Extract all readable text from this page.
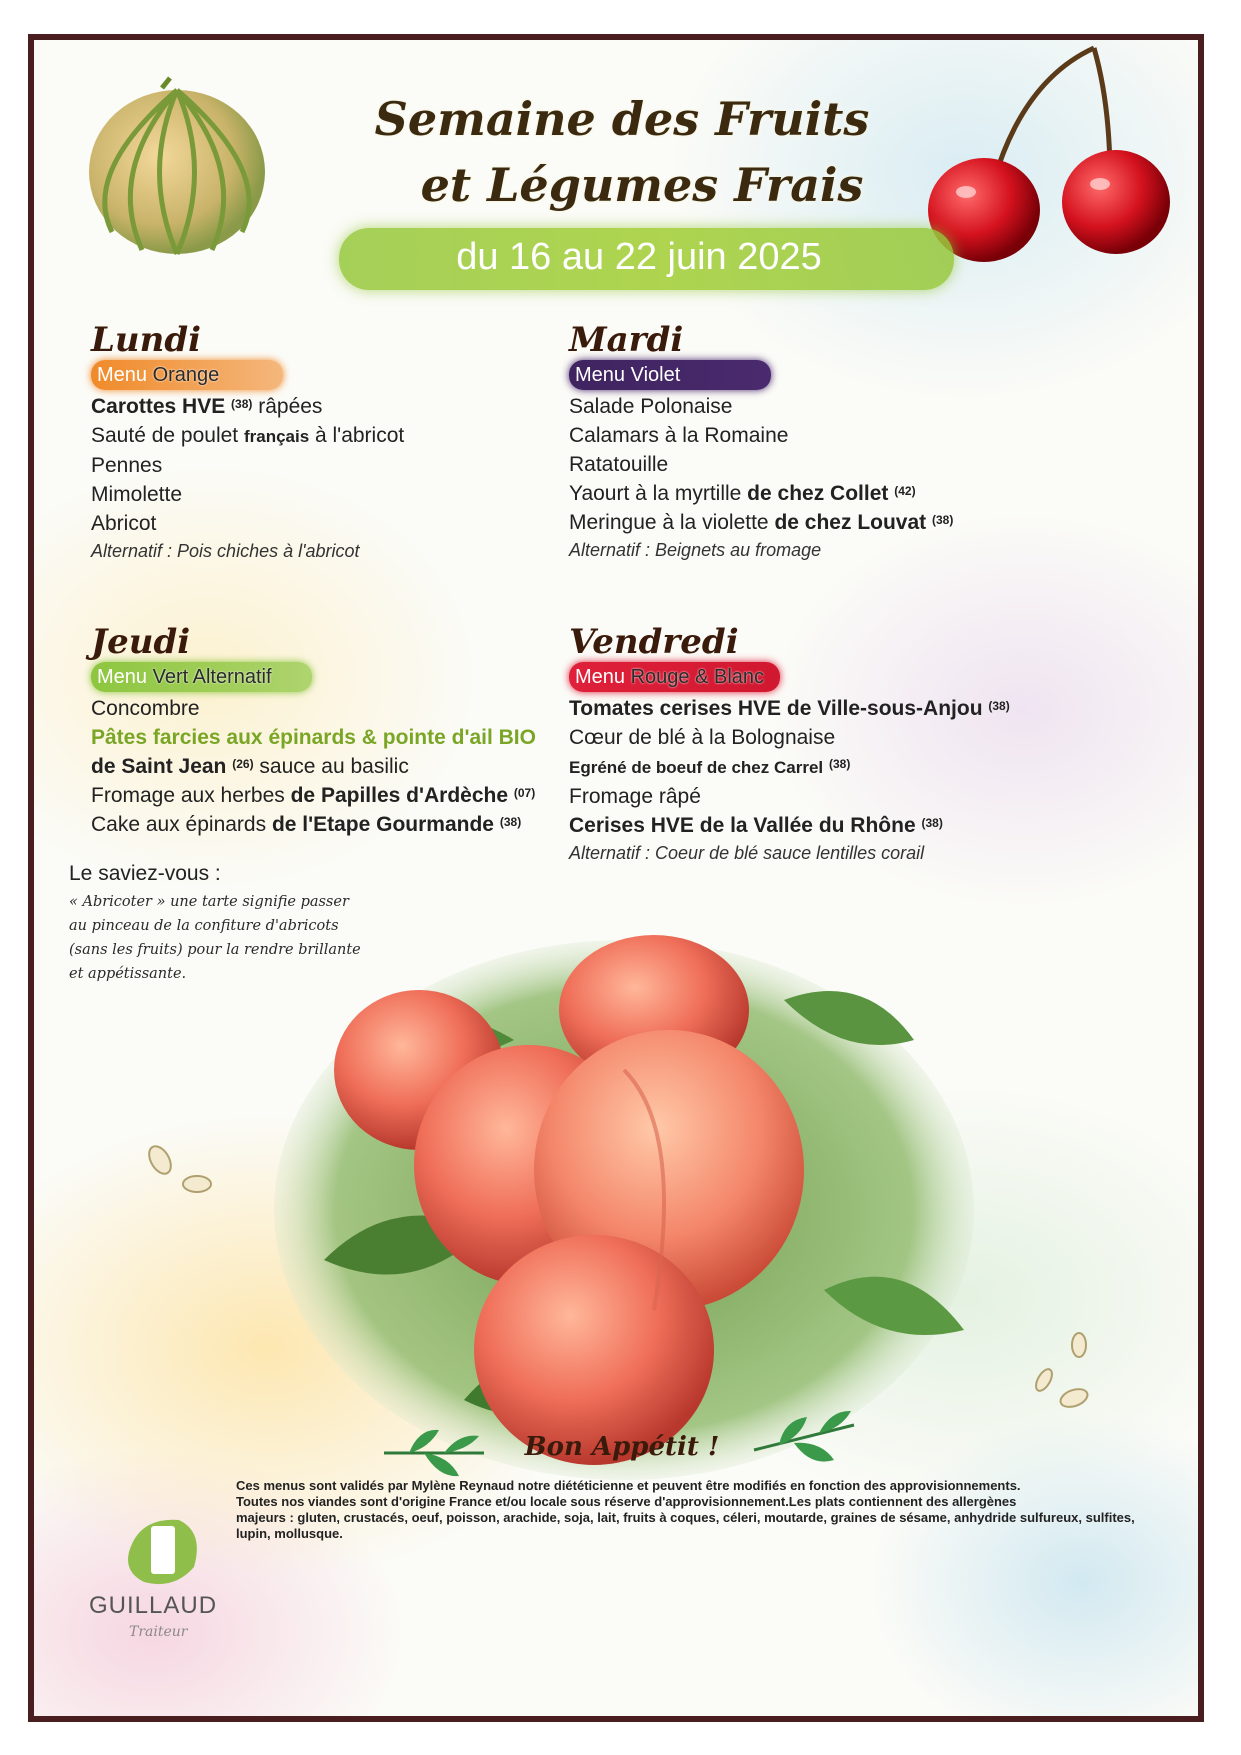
Semaine des Fruits
et Légumes Frais
du 16 au 22 juin 2025
Lundi
Menu Orange
Carottes HVE $^{(38)}$ râpées
Sauté de poulet français à l'abricot
Pennes
Mimolette
Abricot
Alternatif : Pois chiches à l'abricot
Mardi
Menu Violet
Salade Polonaise
Calamars à la Romaine
Ratatouille
Yaourt à la myrtille de chez Collet $^{(42)}$
Meringue à la violette de chez Louvat $^{(38)}$
Alternatif : Beignets au fromage
Jeudi
Menu Vert Alternatif
Concombre
Pâtes farcies aux épinards & pointe d'ail BIO
de Saint Jean $^{(26)}$ sauce au basilic
Fromage aux herbes de Papilles d'Ardèche $^{(07)}$
Cake aux épinards de l'Etape Gourmande $^{(38)}$
Vendredi
Menu Rouge & Blanc
Tomates cerises HVE de Ville-sous-Anjou $^{(38)}$
Cœur de blé à la Bolognaise
Egréné de boeuf de chez Carrel $^{(38)}$
Fromage râpé
Cerises HVE de la Vallée du Rhône $^{(38)}$
Alternatif : Coeur de blé sauce lentilles corail
Le saviez-vous :
« Abricoter » une tarte signifie passer au pinceau de la confiture d'abricots (sans les fruits) pour la rendre brillante et appétissante.
Bon Appétit !
GUILLAUD
Traiteur
Ces menus sont validés par Mylène Reynaud notre diététicienne et peuvent être modifiés en fonction des approvisionnements.
Toutes nos viandes sont d'origine France et/ou locale sous réserve d'approvisionnement.Les plats contiennent des allergènes
majeurs : gluten, crustacés, oeuf, poisson, arachide, soja, lait, fruits à coques, céleri, moutarde, graines de sésame, anhydride sulfureux, sulfites, lupin, mollusque.
